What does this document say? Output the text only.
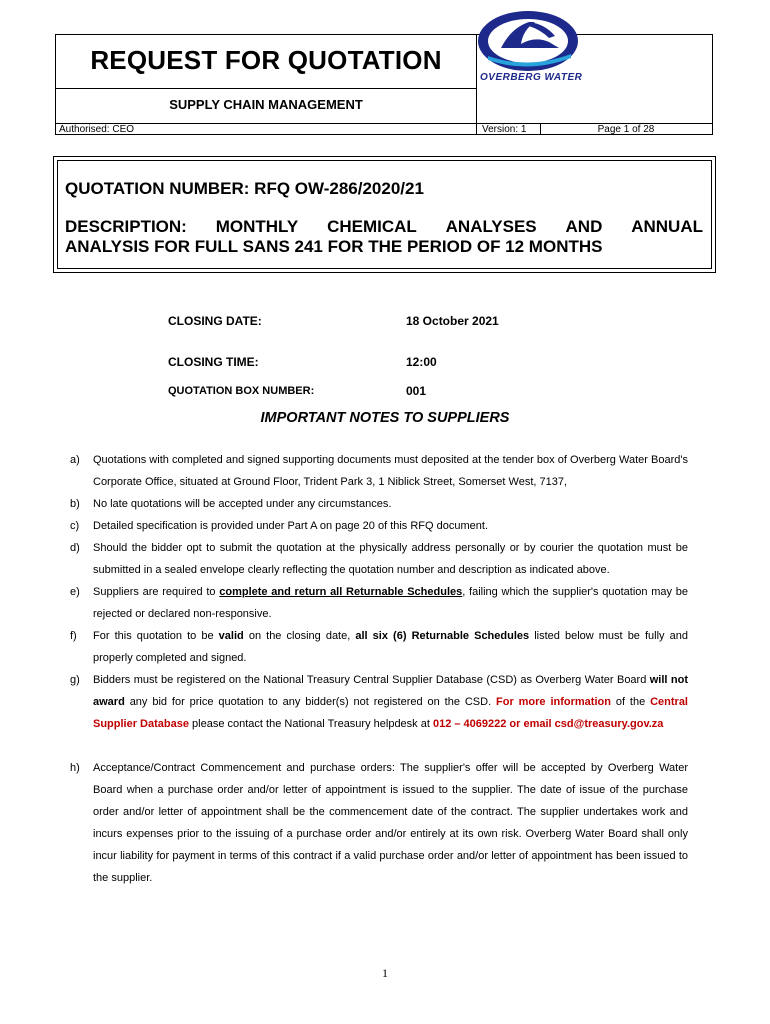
REQUEST FOR QUOTATION
SUPPLY CHAIN MANAGEMENT
Authorised: CEO	Version: 1	Page 1 of 28
OVERBERG WATER
QUOTATION NUMBER: RFQ OW-286/2020/21
DESCRIPTION: MONTHLY CHEMICAL ANALYSES AND ANNUAL
ANALYSIS FOR FULL SANS 241 FOR THE PERIOD OF 12 MONTHS
CLOSING DATE:	18 October 2021
CLOSING TIME:	12:00
QUOTATION BOX NUMBER:	001
IMPORTANT NOTES TO SUPPLIERS
a) Quotations with completed and signed supporting documents must deposited at the tender box of Overberg Water Board's Corporate Office, situated at Ground Floor, Trident Park 3, 1 Niblick Street, Somerset West, 7137,
b) No late quotations will be accepted under any circumstances.
c) Detailed specification is provided under Part A on page 20 of this RFQ document.
d) Should the bidder opt to submit the quotation at the physically address personally or by courier the quotation must be submitted in a sealed envelope clearly reflecting the quotation number and description as indicated above.
e) Suppliers are required to complete and return all Returnable Schedules, failing which the supplier's quotation may be rejected or declared non-responsive.
f) For this quotation to be valid on the closing date, all six (6) Returnable Schedules listed below must be fully and properly completed and signed.
g) Bidders must be registered on the National Treasury Central Supplier Database (CSD) as Overberg Water Board will not award any bid for price quotation to any bidder(s) not registered on the CSD. For more information of the Central Supplier Database please contact the National Treasury helpdesk at 012 – 4069222 or email csd@treasury.gov.za
h) Acceptance/Contract Commencement and purchase orders: The supplier's offer will be accepted by Overberg Water Board when a purchase order and/or letter of appointment is issued to the supplier. The date of issue of the purchase order and/or letter of appointment shall be the commencement date of the contract. The supplier undertakes work and incurs expenses prior to the issuing of a purchase order and/or entirely at its own risk. Overberg Water Board shall only incur liability for payment in terms of this contract if a valid purchase order and/or letter of appointment has been issued to the supplier.
1
